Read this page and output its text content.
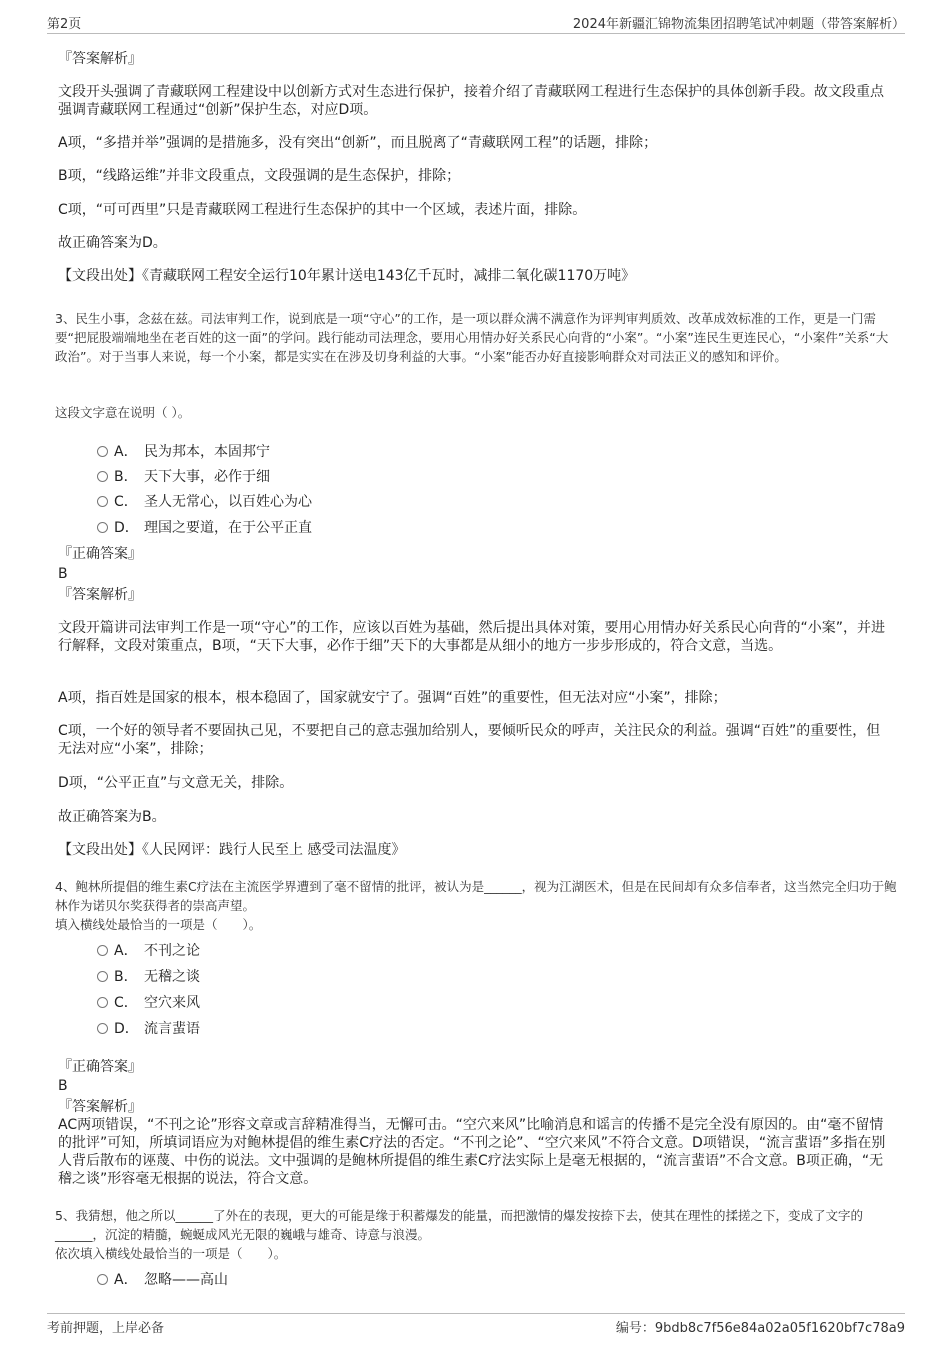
第2页	2024年新疆汇锦物流集团招聘笔试冲刺题（带答案解析）
『答案解析』
文段开头强调了青藏联网工程建设中以创新方式对生态进行保护，接着介绍了青藏联网工程进行生态保护的具体创新手段。故文段重点强调青藏联网工程通过“创新”保护生态，对应D项。
A项，“多措并举”强调的是措施多，没有突出“创新”，而且脱离了“青藏联网工程”的话题，排除；
B项，“线路运维”并非文段重点，文段强调的是生态保护，排除；
C项，“可可西里”只是青藏联网工程进行生态保护的其中一个区域，表述片面，排除。
故正确答案为D。
【文段出处】《青藏联网工程安全运行10年累计送电143亿千瓦时，减排二氧化碳1170万吨》
3、民生小事，念兹在兹。司法审判工作，说到底是一项“守心”的工作，是一项以群众满不满意作为评判审判质效、改革成效标准的工作，更是一门需要“把屁股端端地坐在老百姓的这一面”的学问。践行能动司法理念，要用心用情办好关系民心向背的“小案”。“小案”连民生更连民心，“小案件”关系“大政治”。对于当事人来说，每一个小案，都是实实在在涉及切身利益的大事。“小案”能否办好直接影响群众对司法正义的感知和评价。
这段文字意在说明（ ）。
A． 民为邦本，本固邦宁
B． 天下大事，必作于细
C． 圣人无常心，以百姓心为心
D． 理国之要道，在于公平正直
『正确答案』
B
『答案解析』
文段开篇讲司法审判工作是一项“守心”的工作，应该以百姓为基础，然后提出具体对策，要用心用情办好关系民心向背的“小案”，并进行解释，文段对策重点，B项，“天下大事，必作于细”天下的大事都是从细小的地方一步步形成的，符合文意，当选。
A项，指百姓是国家的根本，根本稳固了，国家就安宁了。强调“百姓”的重要性，但无法对应“小案”，排除；
C项，一个好的领导者不要固执己见，不要把自己的意志强加给别人，要倾听民众的呼声，关注民众的利益。强调“百姓”的重要性，但无法对应“小案”，排除；
D项，“公平正直”与文意无关，排除。
故正确答案为B。
【文段出处】《人民网评：践行人民至上 感受司法温度》
4、鲍林所提倡的维生素C疗法在主流医学界遭到了毫不留情的批评，被认为是______，视为江湖医术，但是在民间却有众多信奉者，这当然完全归功于鲍林作为诺贝尔奖获得者的崇高声望。
填入横线处最恰当的一项是（　　）。
A． 不刊之论
B． 无稽之谈
C． 空穴来风
D． 流言蜚语
『正确答案』
B
『答案解析』
AC两项错误，“不刊之论”形容文章或言辞精准得当，无懈可击。“空穴来风”比喻消息和谣言的传播不是完全没有原因的。由“毫不留情的批评”可知，所填词语应为对鲍林提倡的维生素C疗法的否定。“不刊之论”、“空穴来风”不符合文意。D项错误，“流言蜚语”多指在别人背后散布的诬蔑、中伤的说法。文中强调的是鲍林所提倡的维生素C疗法实际上是毫无根据的，“流言蜚语”不合文意。B项正确，“无稽之谈”形容毫无根据的说法，符合文意。
5、我猜想，他之所以______了外在的表现，更大的可能是缘于积蓄爆发的能量，而把激情的爆发按捺下去，使其在理性的揉搓之下，变成了文字的______，沉淀的精髓，蜿蜒成风光无限的巍峨与雄奇、诗意与浪漫。
依次填入横线处最恰当的一项是（　　）。
A． 忽略——高山
考前押题，上岸必备	编号：9bdb8c7f56e84a02a05f1620bf7c78a9
